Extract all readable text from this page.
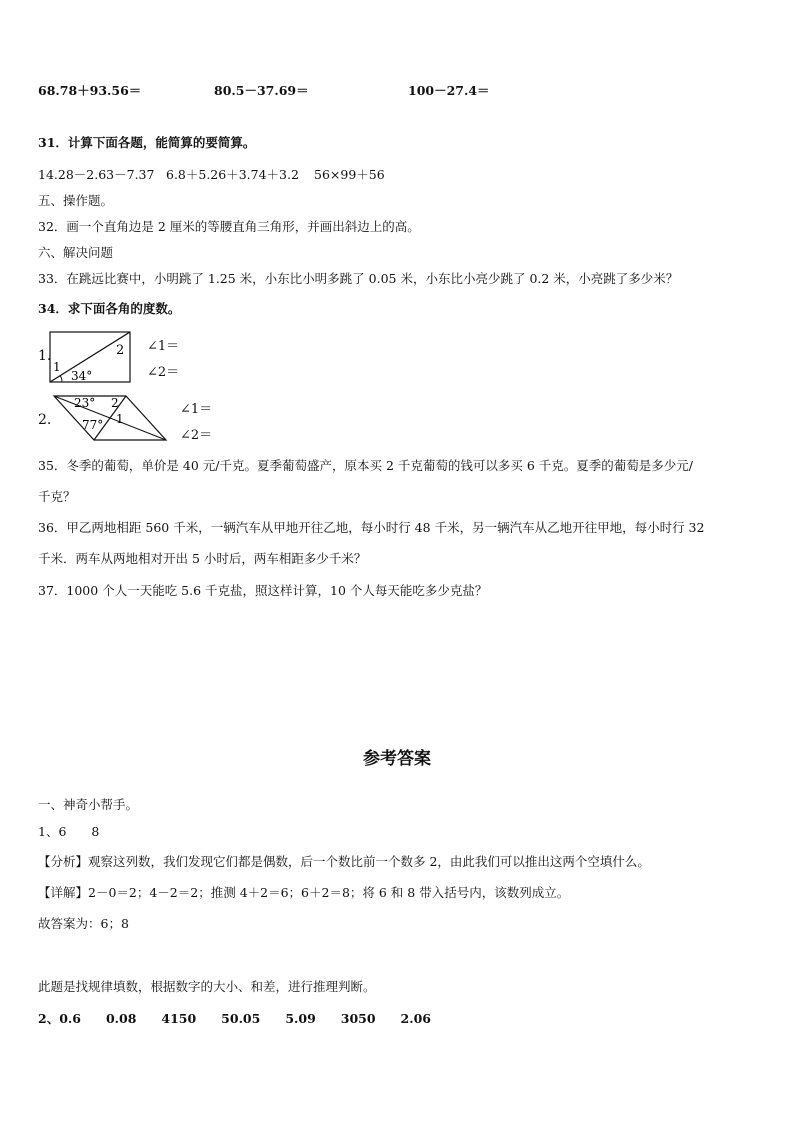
68.78＋93.56＝	80.5－37.69＝	100－27.4＝
31．计算下面各题，能简算的要简算。
14.28－2.63－7.37 6.8＋5.26＋3.74＋3.2 56×99＋56
五、操作题。
32．画一个直角边是 2 厘米的等腰直角三角形，并画出斜边上的高。
六、解决问题
33．在跳远比赛中，小明跳了 1.25 米，小东比小明多跳了 0.05 米，小东比小亮少跳了 0.2 米，小亮跳了多少米？
34．求下面各角的度数。
1.
1
2
34°
∠1＝
∠2＝
2.
23° 2
77° 1
∠1＝
∠2＝
35．冬季的葡萄，单价是 40 元/千克。夏季葡萄盛产，原本买 2 千克葡萄的钱可以多买 6 千克。夏季的葡萄是多少元/
千克？
36．甲乙两地相距 560 千米，一辆汽车从甲地开往乙地，每小时行 48 千米，另一辆汽车从乙地开往甲地，每小时行 32
千米．两车从两地相对开出 5 小时后，两车相距多少千米？
37．1000 个人一天能吃 5.6 千克盐，照这样计算，10 个人每天能吃多少克盐？
参考答案
一、神奇小帮手。
1、6　　8
【分析】观察这列数，我们发现它们都是偶数，后一个数比前一个数多 2，由此我们可以推出这两个空填什么。
【详解】2－0＝2；4－2＝2；推测 4＋2＝6；6＋2＝8；将 6 和 8 带入括号内，该数列成立。
故答案为：6；8
此题是找规律填数，根据数字的大小、和差，进行推理判断。
2、0.6　　0.08　　4150　　50.05　　5.09　　3050　　2.06
